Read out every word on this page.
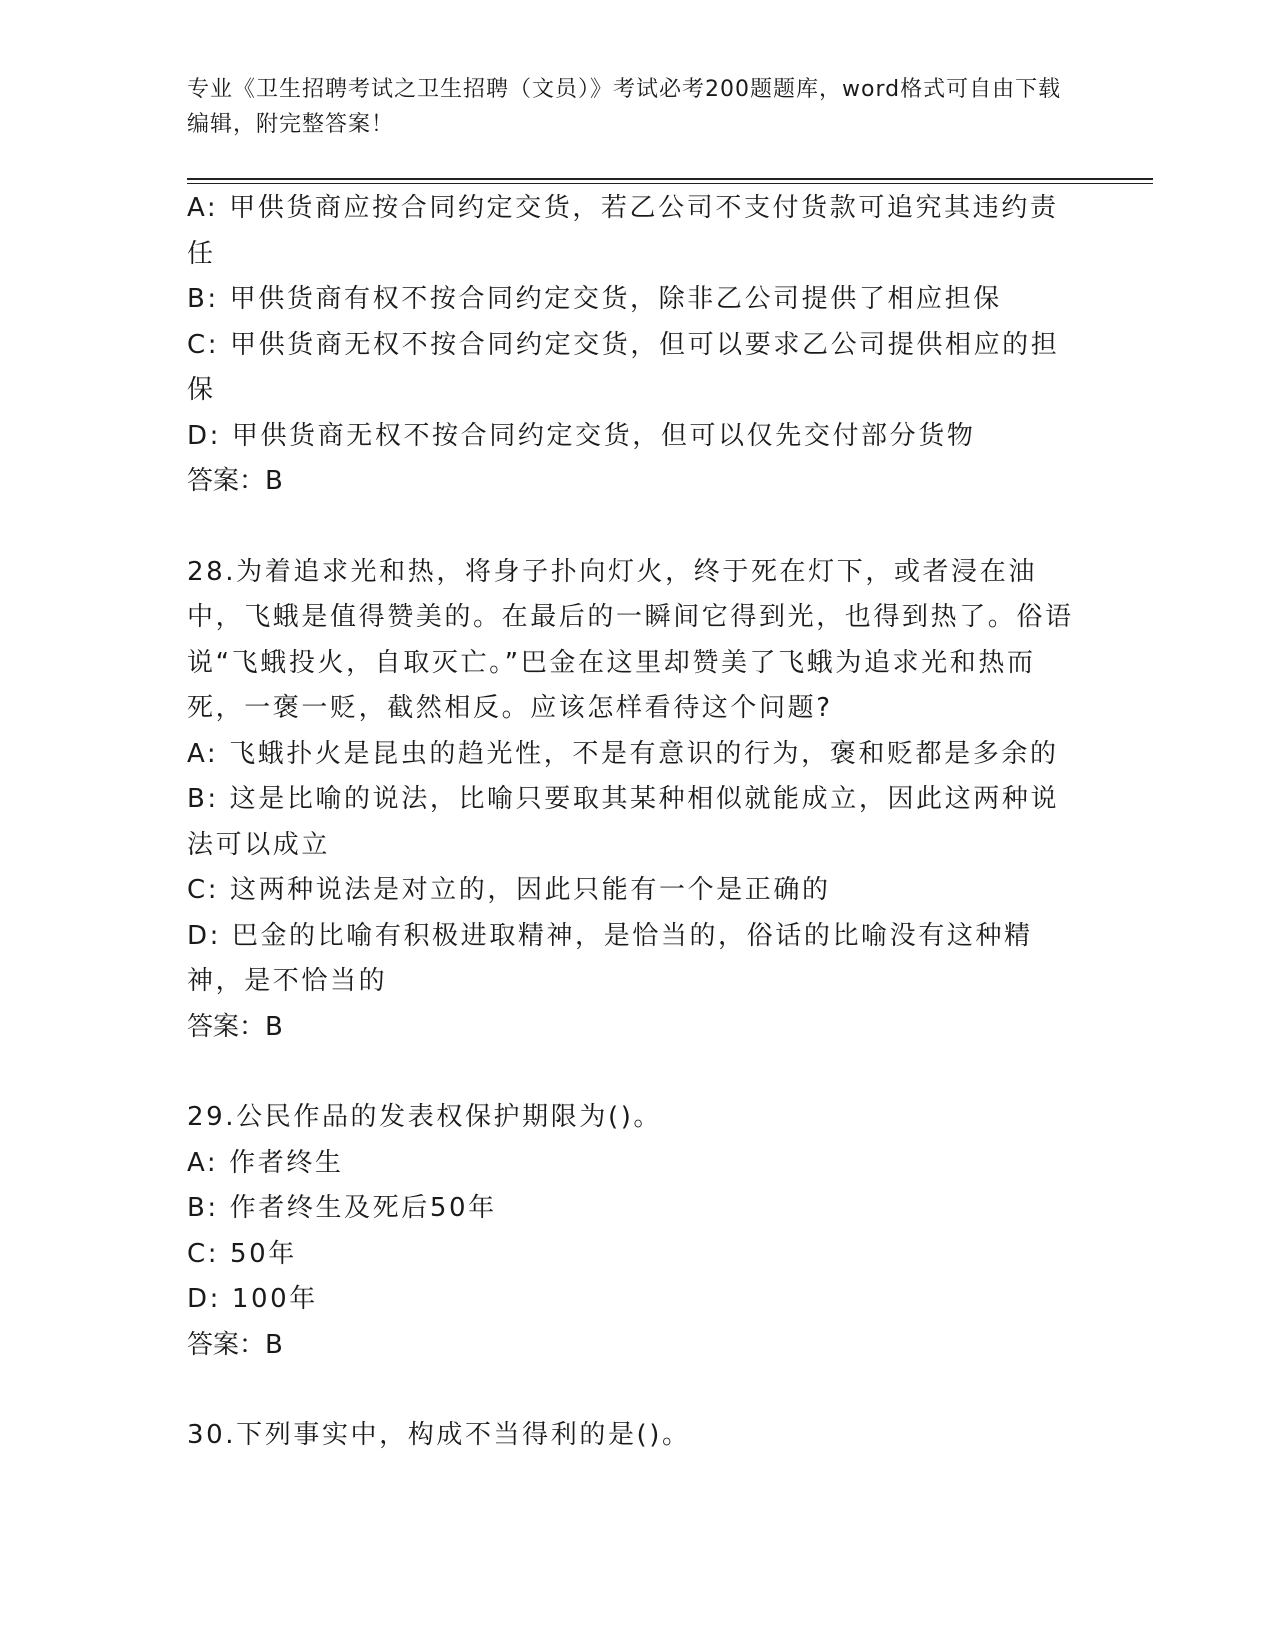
专业《卫生招聘考试之卫生招聘（文员）》考试必考200题题库，word格式可自由下载编辑，附完整答案！

A: 甲供货商应按合同约定交货，若乙公司不支付货款可追究其违约责任

B: 甲供货商有权不按合同约定交货，除非乙公司提供了相应担保

C: 甲供货商无权不按合同约定交货，但可以要求乙公司提供相应的担保

D: 甲供货商无权不按合同约定交货，但可以仅先交付部分货物

答案：B

28.为着追求光和热，将身子扑向灯火，终于死在灯下，或者浸在油中，飞蛾是值得赞美的。在最后的一瞬间它得到光，也得到热了。俗语说“飞蛾投火，自取灭亡。”巴金在这里却赞美了飞蛾为追求光和热而死，一褒一贬，截然相反。应该怎样看待这个问题?

A: 飞蛾扑火是昆虫的趋光性，不是有意识的行为，褒和贬都是多余的

B: 这是比喻的说法，比喻只要取其某种相似就能成立，因此这两种说法可以成立

C: 这两种说法是对立的，因此只能有一个是正确的

D: 巴金的比喻有积极进取精神，是恰当的，俗话的比喻没有这种精神，是不恰当的

答案：B

29.公民作品的发表权保护期限为()。

A: 作者终生

B: 作者终生及死后50年

C: 50年

D: 100年

答案：B

30.下列事实中，构成不当得利的是()。
